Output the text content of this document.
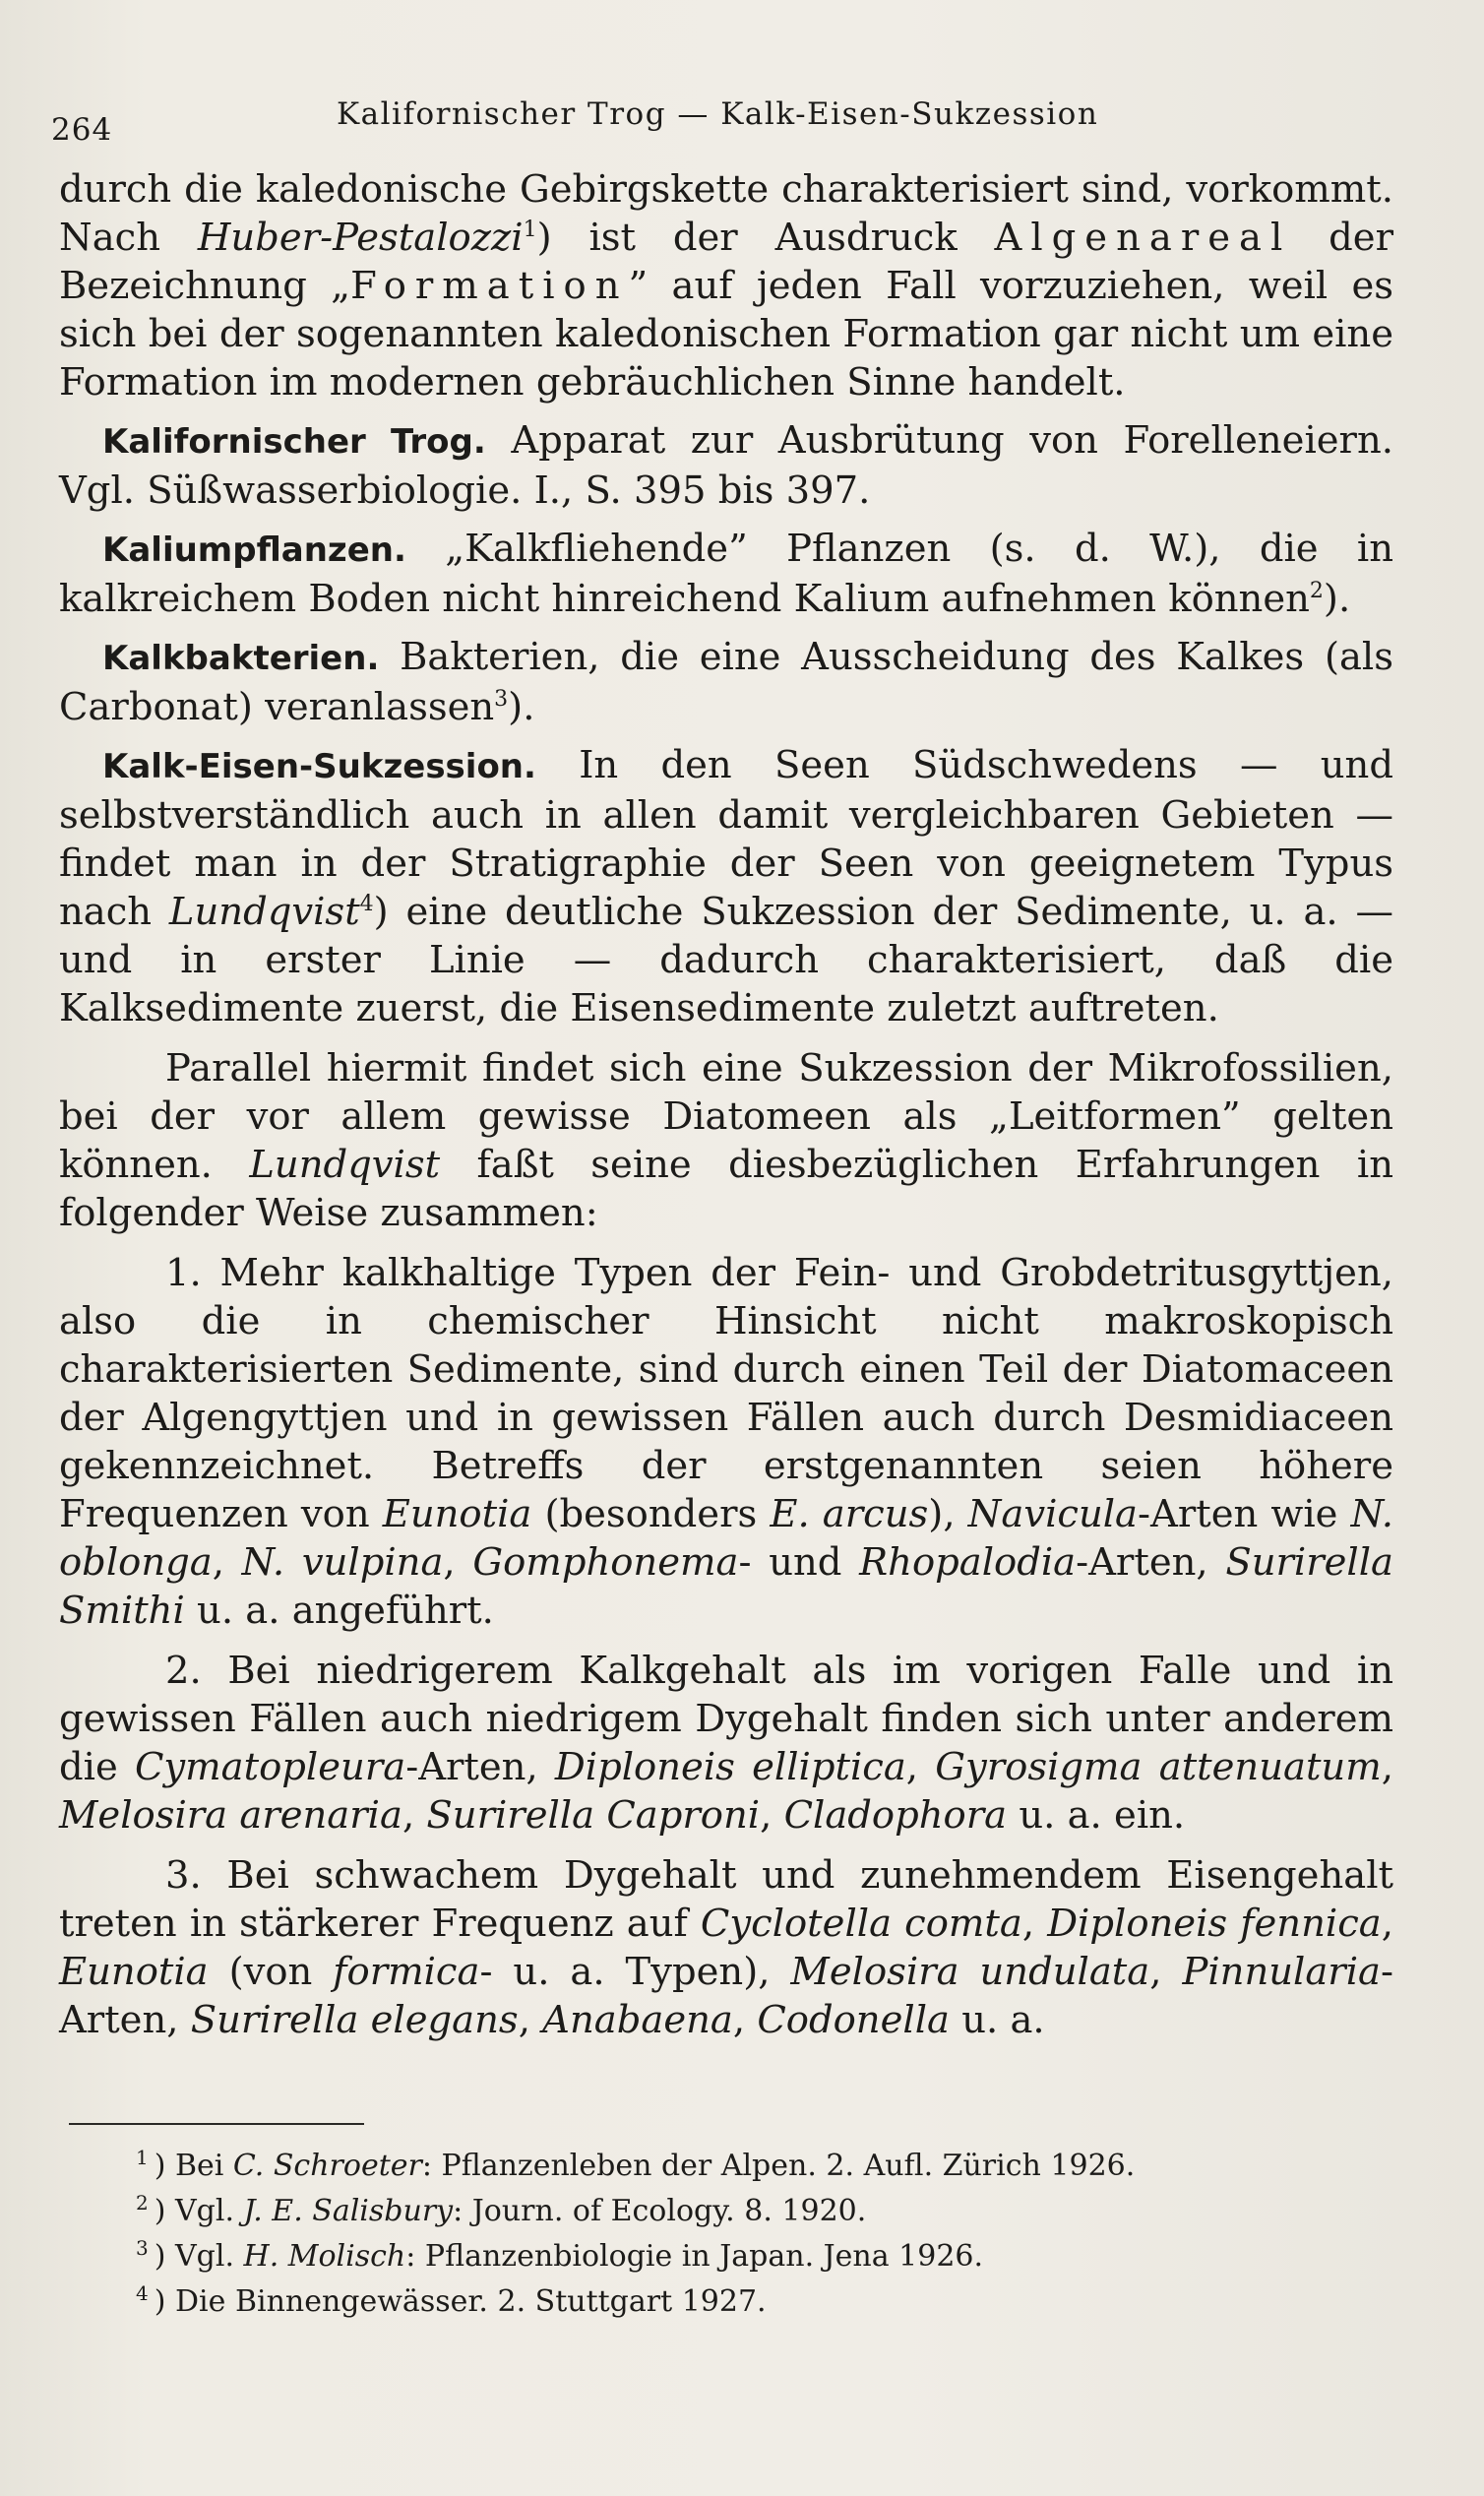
264	Kalifornischer Trog — Kalk-Eisen-Sukzession

durch die kaledonische Gebirgskette charakterisiert sind, vorkommt. Nach Huber-Pestalozzi$^1$) ist der Ausdruck Algenareal der Bezeichnung „Formation” auf jeden Fall vorzuziehen, weil es sich bei der sogenannten kaledonischen Formation gar nicht um eine Formation im modernen gebräuchlichen Sinne handelt.

Kalifornischer Trog. Apparat zur Ausbrütung von Forelleneiern. Vgl. Süßwasserbiologie. I., S. 395 bis 397.

Kaliumpflanzen. „Kalkfliehende” Pflanzen (s. d. W.), die in kalkreichem Boden nicht hinreichend Kalium aufnehmen können$^2$).

Kalkbakterien. Bakterien, die eine Ausscheidung des Kalkes (als Carbonat) veranlassen$^3$).

Kalk-Eisen-Sukzession. In den Seen Südschwedens — und selbstverständlich auch in allen damit vergleichbaren Gebieten — findet man in der Stratigraphie der Seen von geeignetem Typus nach Lundqvist$^4$) eine deutliche Sukzession der Sedimente, u. a. — und in erster Linie — dadurch charakterisiert, daß die Kalksedimente zuerst, die Eisensedimente zuletzt auftreten.

Parallel hiermit findet sich eine Sukzession der Mikrofossilien, bei der vor allem gewisse Diatomeen als „Leitformen” gelten können. Lundqvist faßt seine diesbezüglichen Erfahrungen in folgender Weise zusammen:

1. Mehr kalkhaltige Typen der Fein- und Grobdetritusgyttjen, also die in chemischer Hinsicht nicht makroskopisch charakterisierten Sedimente, sind durch einen Teil der Diatomaceen der Algengyttjen und in gewissen Fällen auch durch Desmidiaceen gekennzeichnet. Betreffs der erstgenannten seien höhere Frequenzen von Eunotia (besonders E. arcus), Navicula-Arten wie N. oblonga, N. vulpina, Gomphonema- und Rhopalodia-Arten, Surirella Smithi u. a. angeführt.

2. Bei niedrigerem Kalkgehalt als im vorigen Falle und in gewissen Fällen auch niedrigem Dygehalt finden sich unter anderem die Cymatopleura-Arten, Diploneis elliptica, Gyrosigma attenuatum, Melosira arenaria, Surirella Caproni, Cladophora u. a. ein.

3. Bei schwachem Dygehalt und zunehmendem Eisengehalt treten in stärkerer Frequenz auf Cyclotella comta, Diploneis fennica, Eunotia (von formica- u. a. Typen), Melosira undulata, Pinnularia-Arten, Surirella elegans, Anabaena, Codonella u. a.

$^1$ ) Bei C. Schroeter: Pflanzenleben der Alpen. 2. Aufl. Zürich 1926.

$^2$ ) Vgl. J. E. Salisbury: Journ. of Ecology. 8. 1920.

$^3$ ) Vgl. H. Molisch: Pflanzenbiologie in Japan. Jena 1926.

$^4$ ) Die Binnengewässer. 2. Stuttgart 1927.
